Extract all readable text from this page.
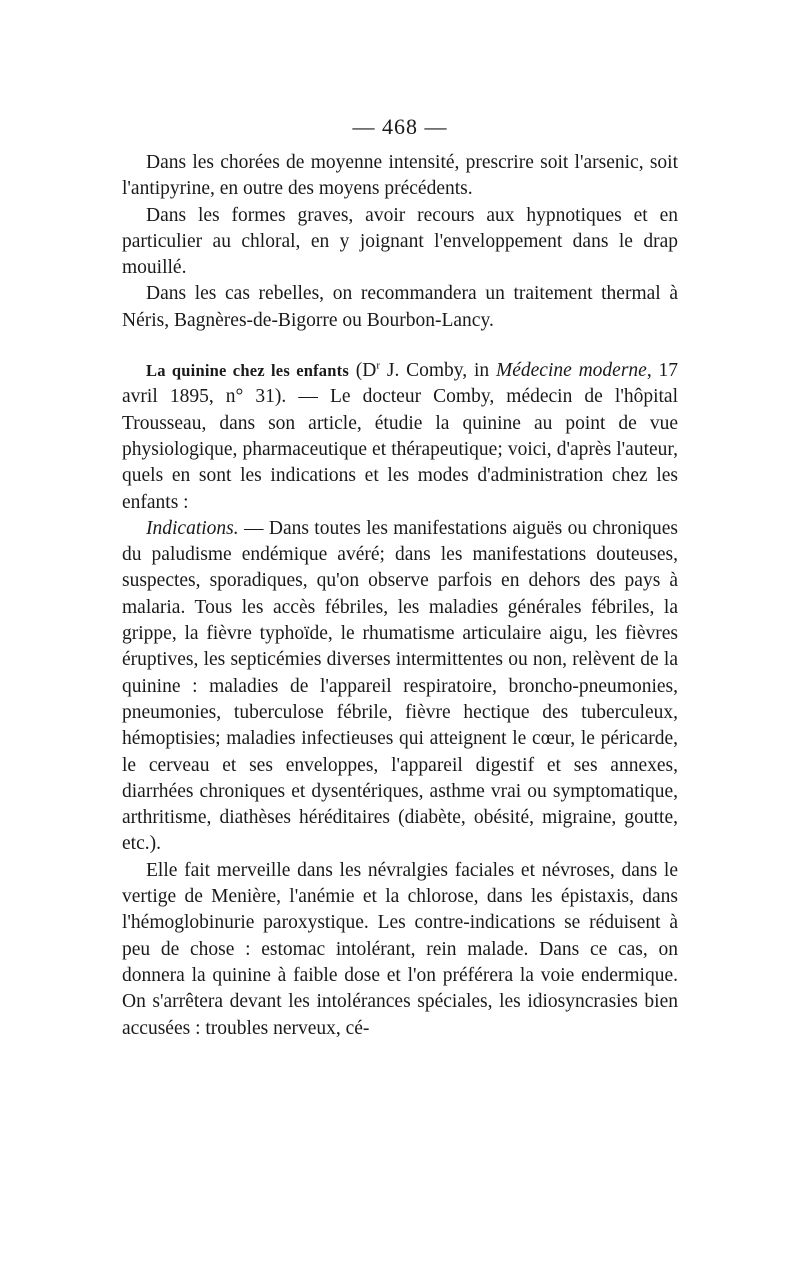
— 468 —

Dans les chorées de moyenne intensité, prescrire soit l'arsenic, soit l'antipyrine, en outre des moyens précédents.

Dans les formes graves, avoir recours aux hypnotiques et en particulier au chloral, en y joignant l'enveloppement dans le drap mouillé.

Dans les cas rebelles, on recommandera un traitement thermal à Néris, Bagnères-de-Bigorre ou Bourbon-Lancy.

La quinine chez les enfants ($D^r$ J. Comby, in Médecine moderne, 17 avril 1895, n° 31). — Le docteur Comby, médecin de l'hôpital Trousseau, dans son article, étudie la quinine au point de vue physiologique, pharmaceutique et thérapeutique; voici, d'après l'auteur, quels en sont les indications et les modes d'administration chez les enfants :

Indications. — Dans toutes les manifestations aiguës ou chroniques du paludisme endémique avéré; dans les manifestations douteuses, suspectes, sporadiques, qu'on observe parfois en dehors des pays à malaria. Tous les accès fébriles, les maladies générales fébriles, la grippe, la fièvre typhoïde, le rhumatisme articulaire aigu, les fièvres éruptives, les septicémies diverses intermittentes ou non, relèvent de la quinine : maladies de l'appareil respiratoire, broncho-pneumonies, pneumonies, tuberculose fébrile, fièvre hectique des tuberculeux, hémoptisies; maladies infectieuses qui atteignent le cœur, le péricarde, le cerveau et ses enveloppes, l'appareil digestif et ses annexes, diarrhées chroniques et dysentériques, asthme vrai ou symptomatique, arthritisme, diathèses héréditaires (diabète, obésité, migraine, goutte, etc.).

Elle fait merveille dans les névralgies faciales et névroses, dans le vertige de Menière, l'anémie et la chlorose, dans les épistaxis, dans l'hémoglobinurie paroxystique. Les contre-indications se réduisent à peu de chose : estomac intolérant, rein malade. Dans ce cas, on donnera la quinine à faible dose et l'on préférera la voie endermique. On s'arrêtera devant les intolérances spéciales, les idiosyncrasies bien accusées : troubles nerveux, cé-
